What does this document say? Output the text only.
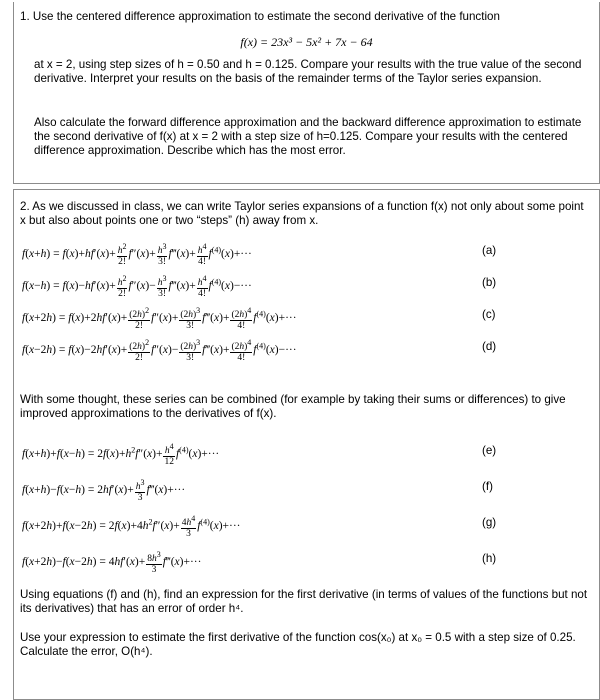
1. Use the centered difference approximation to estimate the second derivative of the function

f(x) = 23x³ − 5x² + 7x − 64

at x = 2, using step sizes of h = 0.50 and h = 0.125. Compare your results with the true value of the second derivative. Interpret your results on the basis of the remainder terms of the Taylor series expansion.

Also calculate the forward difference approximation and the backward difference approximation to estimate the second derivative of f(x) at x = 2 with a step size of h=0.125. Compare your results with the centered difference approximation. Describe which has the most error.

2. As we discussed in class, we can write Taylor series expansions of a function f(x) not only about some point x but also about points one or two “steps” (h) away from x.

$f(x+h) = f(x)+hf'(x)+ \frac{h^2}{2!} f''(x)+ \frac{h^3}{3!}$ f‴(x)+ $\frac{h^4}{4!} f^{(4)}(x)+\cdot\cdot\cdot$	(a)
$f(x-h) = f(x)-hf'(x)+ \frac{h^2}{2!} f''(x)- \frac{h^3}{3!}$ f‴(x)+ $\frac{h^4}{4!} f^{(4)}(x)-\cdot\cdot\cdot$	(b)
$f(x+2h) = f(x)+2hf'(x)+ \frac{(2h)^2}{2!} f''(x)+ \frac{(2h)^3}{3!}$ f‴(x)+ $\frac{(2h)^4}{4!} f^{(4)}(x)+\cdot\cdot\cdot$	(c)
$f(x-2h) = f(x)-2hf'(x)+ \frac{(2h)^2}{2!} f''(x)- \frac{(2h)^3}{3!}$ f‴(x)+ $\frac{(2h)^4}{4!} f^{(4)}(x)-\cdot\cdot\cdot$	(d)

With some thought, these series can be combined (for example by taking their sums or differences) to give improved approximations to the derivatives of f(x).

$f(x+h)+f(x-h) = 2f(x)+h^2f''(x)+ \frac{h^4}{12} f^{(4)}(x)+\cdot\cdot\cdot$	(e)
$f(x+h)-f(x-h) = 2hf'(x)+ \frac{h^3}{3}$ f‴(x)+···	(f)
$f(x+2h)+f(x-2h) = 2f(x)+4h^2f''(x)+ \frac{4h^4}{3} f^{(4)}(x)+\cdot\cdot\cdot$	(g)
$f(x+2h)-f(x-2h) = 4hf'(x)+ \frac{8h^3}{3}$ f‴(x)+···	(h)

Using equations (f) and (h), find an expression for the first derivative (in terms of values of the functions but not its derivatives) that has an error of order h⁴.

Use your expression to estimate the first derivative of the function cos(x₀) at x₀ = 0.5 with a step size of 0.25. Calculate the error, O(h⁴).
